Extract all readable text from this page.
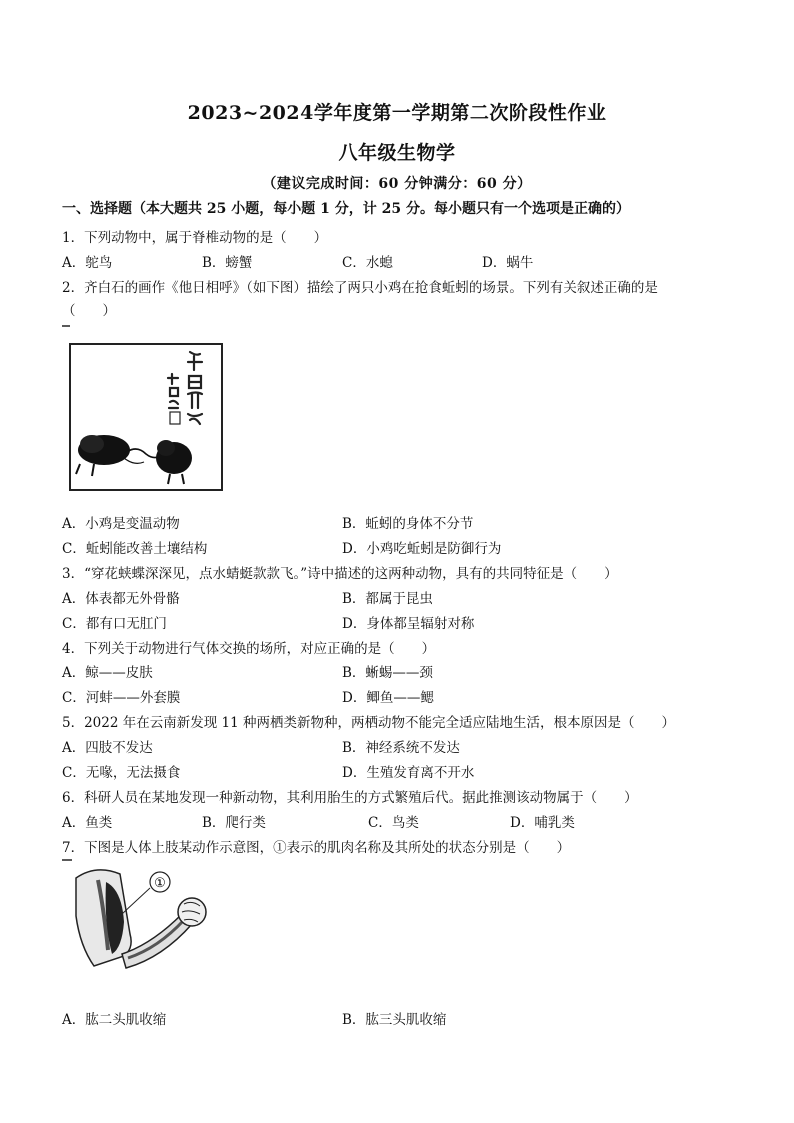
2023~2024学年度第一学期第二次阶段性作业
八年级生物学
（建议完成时间：60 分钟满分：60 分）
一、选择题（本大题共 25 小题，每小题 1 分，计 25 分。每小题只有一个选项是正确的）
1．下列动物中，属于脊椎动物的是（　　）
A．鸵鸟	B．螃蟹	C．水螅	D．蜗牛
2．齐白石的画作《他日相呼》（如下图）描绘了两只小鸡在抢食蚯蚓的场景。下列有关叙述正确的是
（　　）
A．小鸡是变温动物	B．蚯蚓的身体不分节
C．蚯蚓能改善土壤结构	D．小鸡吃蚯蚓是防御行为
3．“穿花蛱蝶深深见，点水蜻蜓款款飞。”诗中描述的这两种动物，具有的共同特征是（　　）
A．体表都无外骨骼	B．都属于昆虫
C．都有口无肛门	D．身体都呈辐射对称
4．下列关于动物进行气体交换的场所，对应正确的是（　　）
A．鲸——皮肤	B．蜥蜴——颈
C．河蚌——外套膜	D．鲫鱼——鳃
5．2022 年在云南新发现 11 种两栖类新物种，两栖动物不能完全适应陆地生活，根本原因是（　　）
A．四肢不发达	B．神经系统不发达
C．无喙，无法摄食	D．生殖发育离不开水
6．科研人员在某地发现一种新动物，其利用胎生的方式繁殖后代。据此推测该动物属于（　　）
A．鱼类	B．爬行类	C．鸟类	D．哺乳类
7．下图是人体上肢某动作示意图，①表示的肌肉名称及其所处的状态分别是（　　）
①
A．肱二头肌收缩	B．肱三头肌收缩
